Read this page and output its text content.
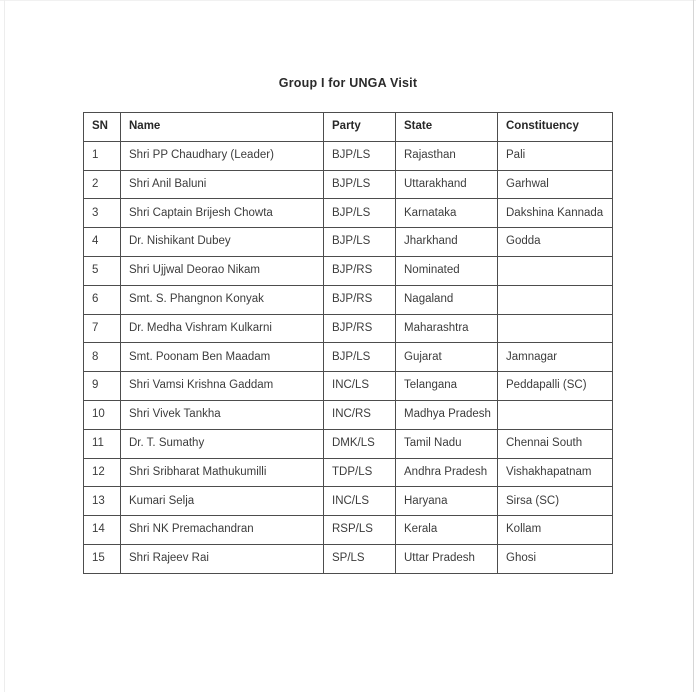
Group I for UNGA Visit
SN	Name	Party	State	Constituency
1	Shri PP Chaudhary (Leader)	BJP/LS	Rajasthan	Pali
2	Shri Anil Baluni	BJP/LS	Uttarakhand	Garhwal
3	Shri Captain Brijesh Chowta	BJP/LS	Karnataka	Dakshina Kannada
4	Dr. Nishikant Dubey	BJP/LS	Jharkhand	Godda
5	Shri Ujjwal Deorao Nikam	BJP/RS	Nominated	
6	Smt. S. Phangnon Konyak	BJP/RS	Nagaland	
7	Dr. Medha Vishram Kulkarni	BJP/RS	Maharashtra	
8	Smt. Poonam Ben Maadam	BJP/LS	Gujarat	Jamnagar
9	Shri Vamsi Krishna Gaddam	INC/LS	Telangana	Peddapalli (SC)
10	Shri Vivek Tankha	INC/RS	Madhya Pradesh	
11	Dr. T. Sumathy	DMK/LS	Tamil Nadu	Chennai South
12	Shri Sribharat Mathukumilli	TDP/LS	Andhra Pradesh	Vishakhapatnam
13	Kumari Selja	INC/LS	Haryana	Sirsa (SC)
14	Shri NK Premachandran	RSP/LS	Kerala	Kollam
15	Shri Rajeev Rai	SP/LS	Uttar Pradesh	Ghosi
